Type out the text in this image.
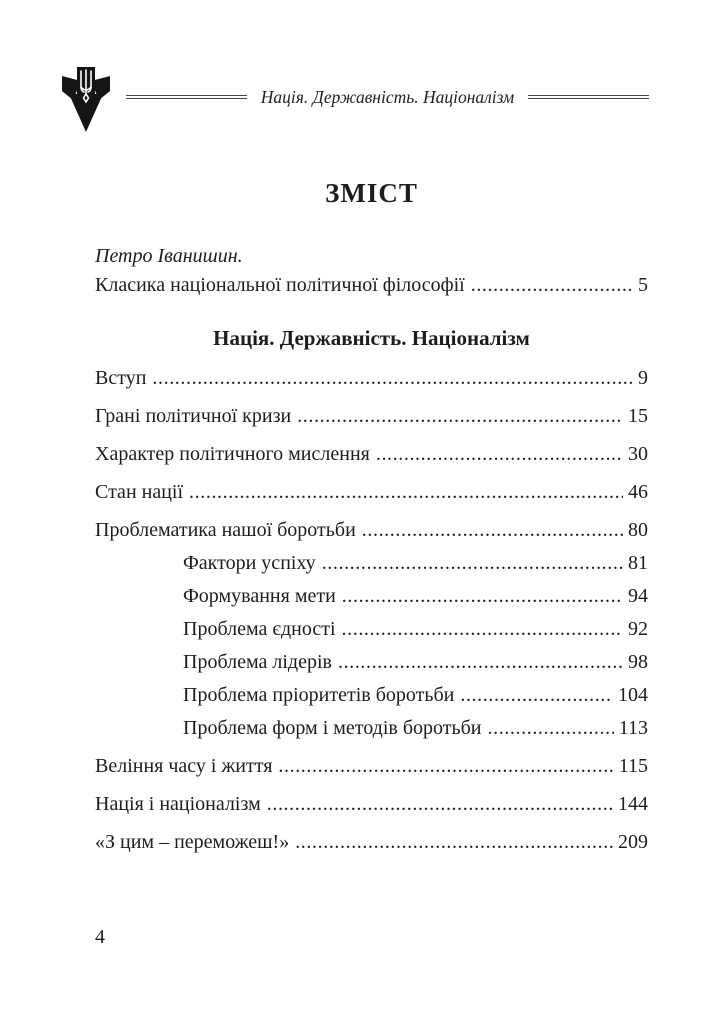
Нація. Державність. Націоналізм
ЗМІСТ
Петро Іванишин.
Класика національної політичної філософії .....	5
Нація. Державність. Націоналізм
Вступ .....	9
Грані політичної кризи .....	15
Характер політичного мислення .....	30
Стан нації .....	46
Проблематика нашої боротьби .....	80
Фактори успіху .....	81
Формування мети .....	94
Проблема єдності .....	92
Проблема лідерів .....	98
Проблема пріоритетів боротьби .....	104
Проблема форм і методів боротьби .....	113
Веління часу і життя .....	115
Нація і націоналізм .....	144
«З цим – переможеш!» .....	209
4
